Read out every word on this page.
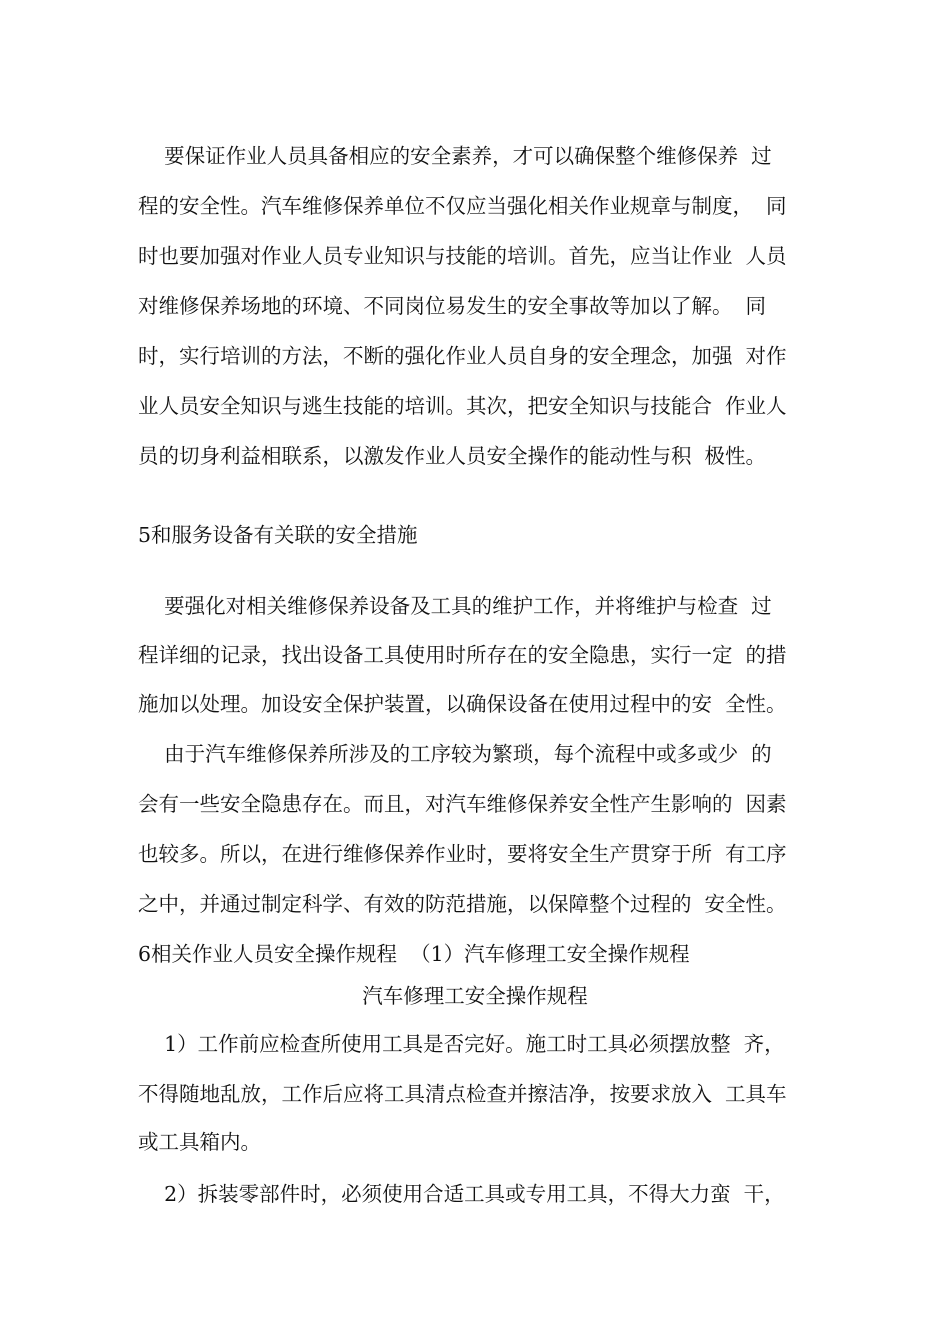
要保证作业人员具备相应的安全素养，才可以确保整个维修保养  过
程的安全性。汽车维修保养单位不仅应当强化相关作业规章与制度，  同
时也要加强对作业人员专业知识与技能的培训。首先，应当让作业  人员
对维修保养场地的环境、不同岗位易发生的安全事故等加以了解。  同
时，实行培训的方法，不断的强化作业人员自身的安全理念，加强  对作
业人员安全知识与逃生技能的培训。其次，把安全知识与技能合  作业人
员的切身利益相联系，以激发作业人员安全操作的能动性与积  极性。
5和服务设备有关联的安全措施
要强化对相关维修保养设备及工具的维护工作，并将维护与检查  过
程详细的记录，找出设备工具使用时所存在的安全隐患，实行一定  的措
施加以处理。加设安全保护装置，以确保设备在使用过程中的安  全性。
由于汽车维修保养所涉及的工序较为繁琐，每个流程中或多或少  的
会有一些安全隐患存在。而且，对汽车维修保养安全性产生影响的  因素
也较多。所以，在进行维修保养作业时，要将安全生产贯穿于所  有工序
之中，并通过制定科学、有效的防范措施，以保障整个过程的  安全性。
6相关作业人员安全操作规程  （1）汽车修理工安全操作规程
汽车修理工安全操作规程
1）工作前应检查所使用工具是否完好。施工时工具必须摆放整  齐，
不得随地乱放，工作后应将工具清点检查并擦洁净，按要求放入  工具车
或工具箱内。
2）拆装零部件时，必须使用合适工具或专用工具，不得大力蛮  干，
